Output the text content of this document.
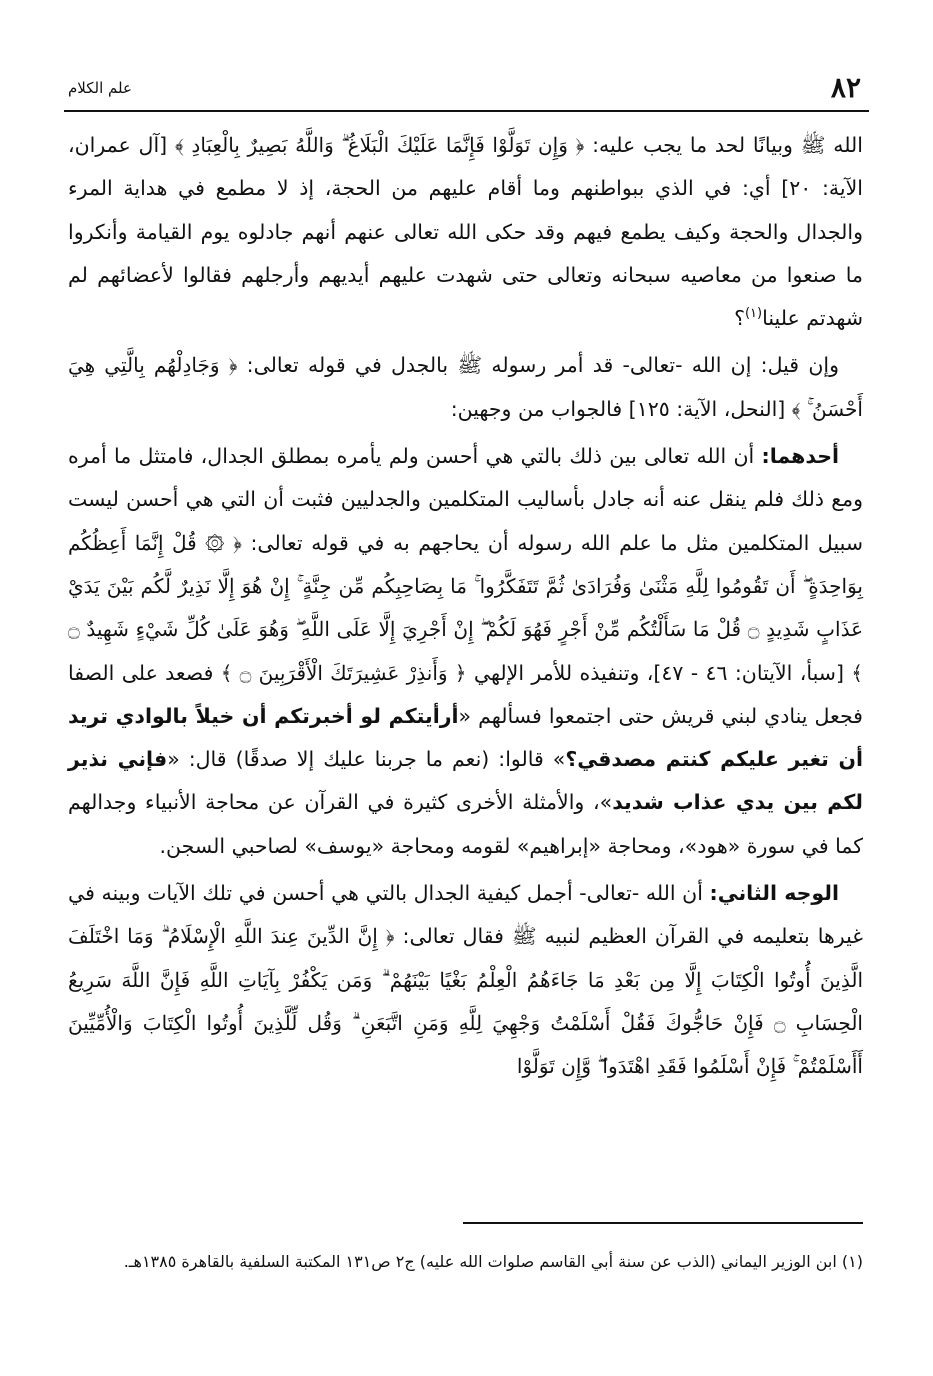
٨٢
علم الكلام

الله ﷺ وبيانًا لحد ما يجب عليه: ﴿ وَإِن تَوَلَّوْا فَإِنَّمَا عَلَيْكَ الْبَلَاغُ ۗ وَاللَّهُ بَصِيرٌ بِالْعِبَادِ ﴾ [آل عمران، الآية: ٢٠] أي: في الذي ببواطنهم وما أقام عليهم من الحجة، إذ لا مطمع في هداية المرء والجدال والحجة وكيف يطمع فيهم وقد حكى الله تعالى عنهم أنهم جادلوه يوم القيامة وأنكروا ما صنعوا من معاصيه سبحانه وتعالى حتى شهدت عليهم أيديهم وأرجلهم فقالوا لأعضائهم لم شهدتم علينا$^{(١)}$؟

وإن قيل: إن الله -تعالى- قد أمر رسوله ﷺ بالجدل في قوله تعالى: ﴿ وَجَادِلْهُم بِالَّتِي هِيَ أَحْسَنُ ۚ ﴾ [النحل، الآية: ١٢٥] فالجواب من وجهين:

أحدهما: أن الله تعالى بين ذلك بالتي هي أحسن ولم يأمره بمطلق الجدال، فامتثل ما أمره ومع ذلك فلم ينقل عنه أنه جادل بأساليب المتكلمين والجدليين فثبت أن التي هي أحسن ليست سبيل المتكلمين مثل ما علم الله رسوله أن يحاجهم به في قوله تعالى: ﴿ ۞ قُلْ إِنَّمَا أَعِظُكُم بِوَاحِدَةٍ ۖ أَن تَقُومُوا لِلَّهِ مَثْنَىٰ وَفُرَادَىٰ ثُمَّ تَتَفَكَّرُوا ۚ مَا بِصَاحِبِكُم مِّن جِنَّةٍ ۚ إِنْ هُوَ إِلَّا نَذِيرٌ لَّكُم بَيْنَ يَدَيْ عَذَابٍ شَدِيدٍ ۝ قُلْ مَا سَأَلْتُكُم مِّنْ أَجْرٍ فَهُوَ لَكُمْ ۖ إِنْ أَجْرِيَ إِلَّا عَلَى اللَّهِ ۖ وَهُوَ عَلَىٰ كُلِّ شَيْءٍ شَهِيدٌ ۝ ﴾ [سبأ، الآيتان: ٤٦ - ٤٧]، وتنفيذه للأمر الإلهي ﴿ وَأَنذِرْ عَشِيرَتَكَ الْأَقْرَبِينَ ۝ ﴾ فصعد على الصفا فجعل ينادي لبني قريش حتى اجتمعوا فسألهم «أرأيتكم لو أخبرتكم أن خيلاً بالوادي تريد أن تغير عليكم كنتم مصدقي؟» قالوا: (نعم ما جربنا عليك إلا صدقًا) قال: «فإني نذير لكم بين يدي عذاب شديد»، والأمثلة الأخرى كثيرة في القرآن عن محاجة الأنبياء وجدالهم كما في سورة «هود»، ومحاجة «إبراهيم» لقومه ومحاجة «يوسف» لصاحبي السجن.

الوجه الثاني: أن الله -تعالى- أجمل كيفية الجدال بالتي هي أحسن في تلك الآيات وبينه في غيرها بتعليمه في القرآن العظيم لنبيه ﷺ فقال تعالى: ﴿ إِنَّ الدِّينَ عِندَ اللَّهِ الْإِسْلَامُ ۗ وَمَا اخْتَلَفَ الَّذِينَ أُوتُوا الْكِتَابَ إِلَّا مِن بَعْدِ مَا جَاءَهُمُ الْعِلْمُ بَغْيًا بَيْنَهُمْ ۗ وَمَن يَكْفُرْ بِآيَاتِ اللَّهِ فَإِنَّ اللَّهَ سَرِيعُ الْحِسَابِ ۝ فَإِنْ حَاجُّوكَ فَقُلْ أَسْلَمْتُ وَجْهِيَ لِلَّهِ وَمَنِ اتَّبَعَنِ ۗ وَقُل لِّلَّذِينَ أُوتُوا الْكِتَابَ وَالْأُمِّيِّينَ أَأَسْلَمْتُمْ ۚ فَإِنْ أَسْلَمُوا فَقَدِ اهْتَدَوا ۖ وَّإِن تَوَلَّوْا

(١) ابن الوزير اليماني (الذب عن سنة أبي القاسم صلوات الله عليه) ج٢ ص١٣١ المكتبة السلفية بالقاهرة ١٣٨٥هـ.
